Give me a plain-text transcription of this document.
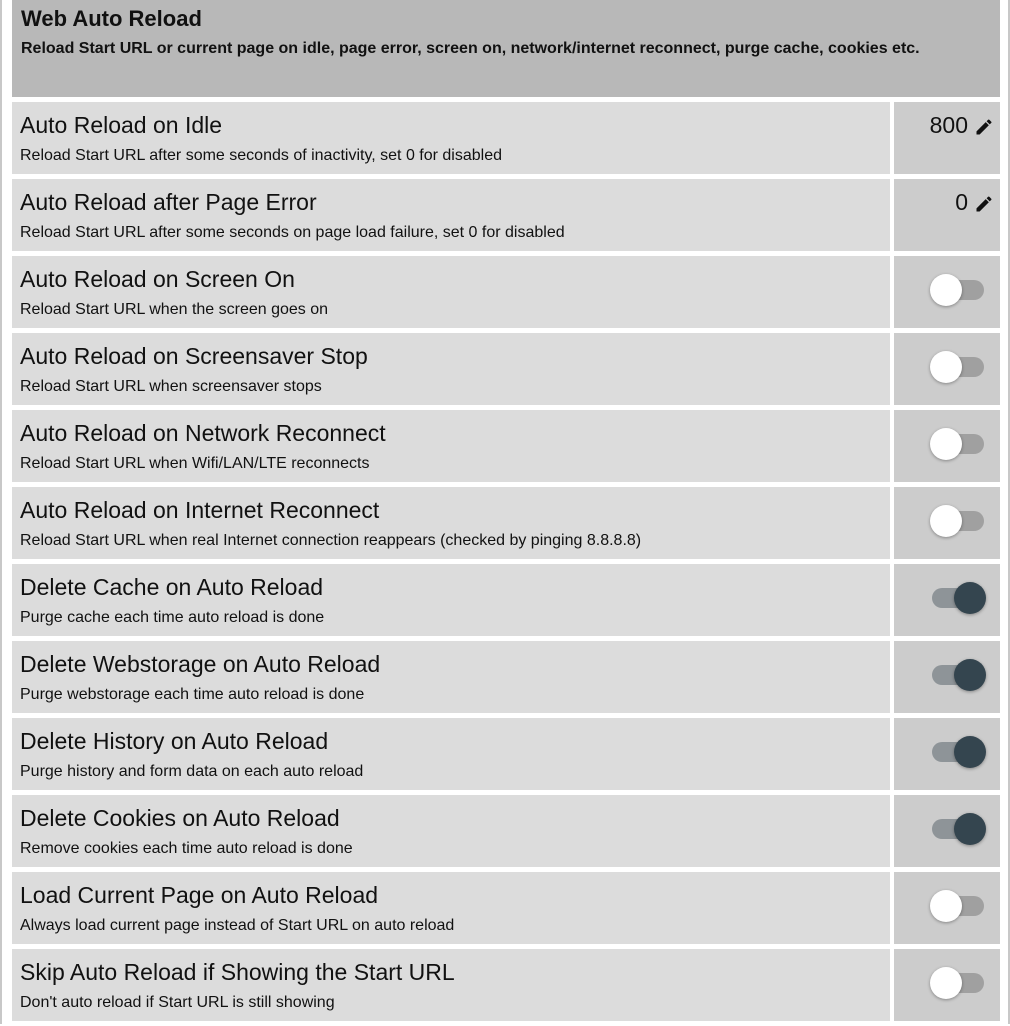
Web Auto Reload
Reload Start URL or current page on idle, page error, screen on, network/internet reconnect, purge cache, cookies etc.
Auto Reload on Idle
Reload Start URL after some seconds of inactivity, set 0 for disabled
800
Auto Reload after Page Error
Reload Start URL after some seconds on page load failure, set 0 for disabled
0
Auto Reload on Screen On
Reload Start URL when the screen goes on
Auto Reload on Screensaver Stop
Reload Start URL when screensaver stops
Auto Reload on Network Reconnect
Reload Start URL when Wifi/LAN/LTE reconnects
Auto Reload on Internet Reconnect
Reload Start URL when real Internet connection reappears (checked by pinging 8.8.8.8)
Delete Cache on Auto Reload
Purge cache each time auto reload is done
Delete Webstorage on Auto Reload
Purge webstorage each time auto reload is done
Delete History on Auto Reload
Purge history and form data on each auto reload
Delete Cookies on Auto Reload
Remove cookies each time auto reload is done
Load Current Page on Auto Reload
Always load current page instead of Start URL on auto reload
Skip Auto Reload if Showing the Start URL
Don't auto reload if Start URL is still showing
